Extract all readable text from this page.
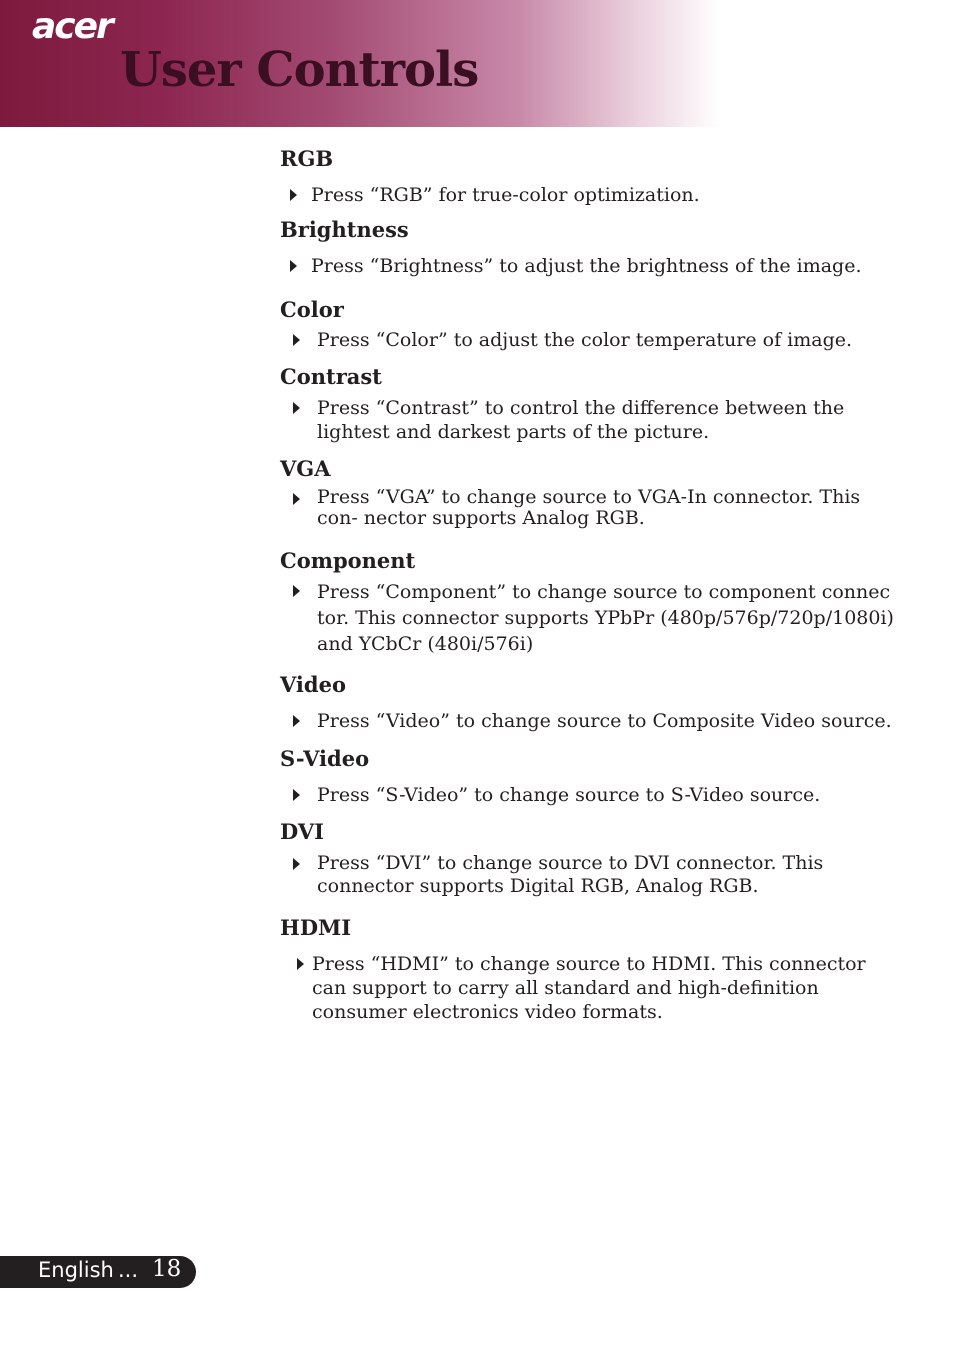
acer
User Controls
RGB
Press “RGB” for true-color optimization.
Brightness
Press “Brightness” to adjust the brightness of the image.
Color
Press “Color” to adjust the color temperature of image.
Contrast
Press “Contrast” to control the difference between the lightest and darkest parts of the picture.
VGA
Press “VGA” to change source to VGA-In connector. This con- nector supports Analog RGB.
Component
Press “Component” to change source to component connec tor. This connector supports YPbPr (480p/576p/720p/1080i) and YCbCr (480i/576i)
Video
Press “Video” to change source to Composite Video source.
S-Video
Press “S-Video” to change source to S-Video source.
DVI
Press “DVI” to change source to DVI connector. This connector supports Digital RGB, Analog RGB.
HDMI
Press “HDMI” to change source to HDMI. This connector can support to carry all standard and high-definition consumer electronics video formats.
English ... 18
